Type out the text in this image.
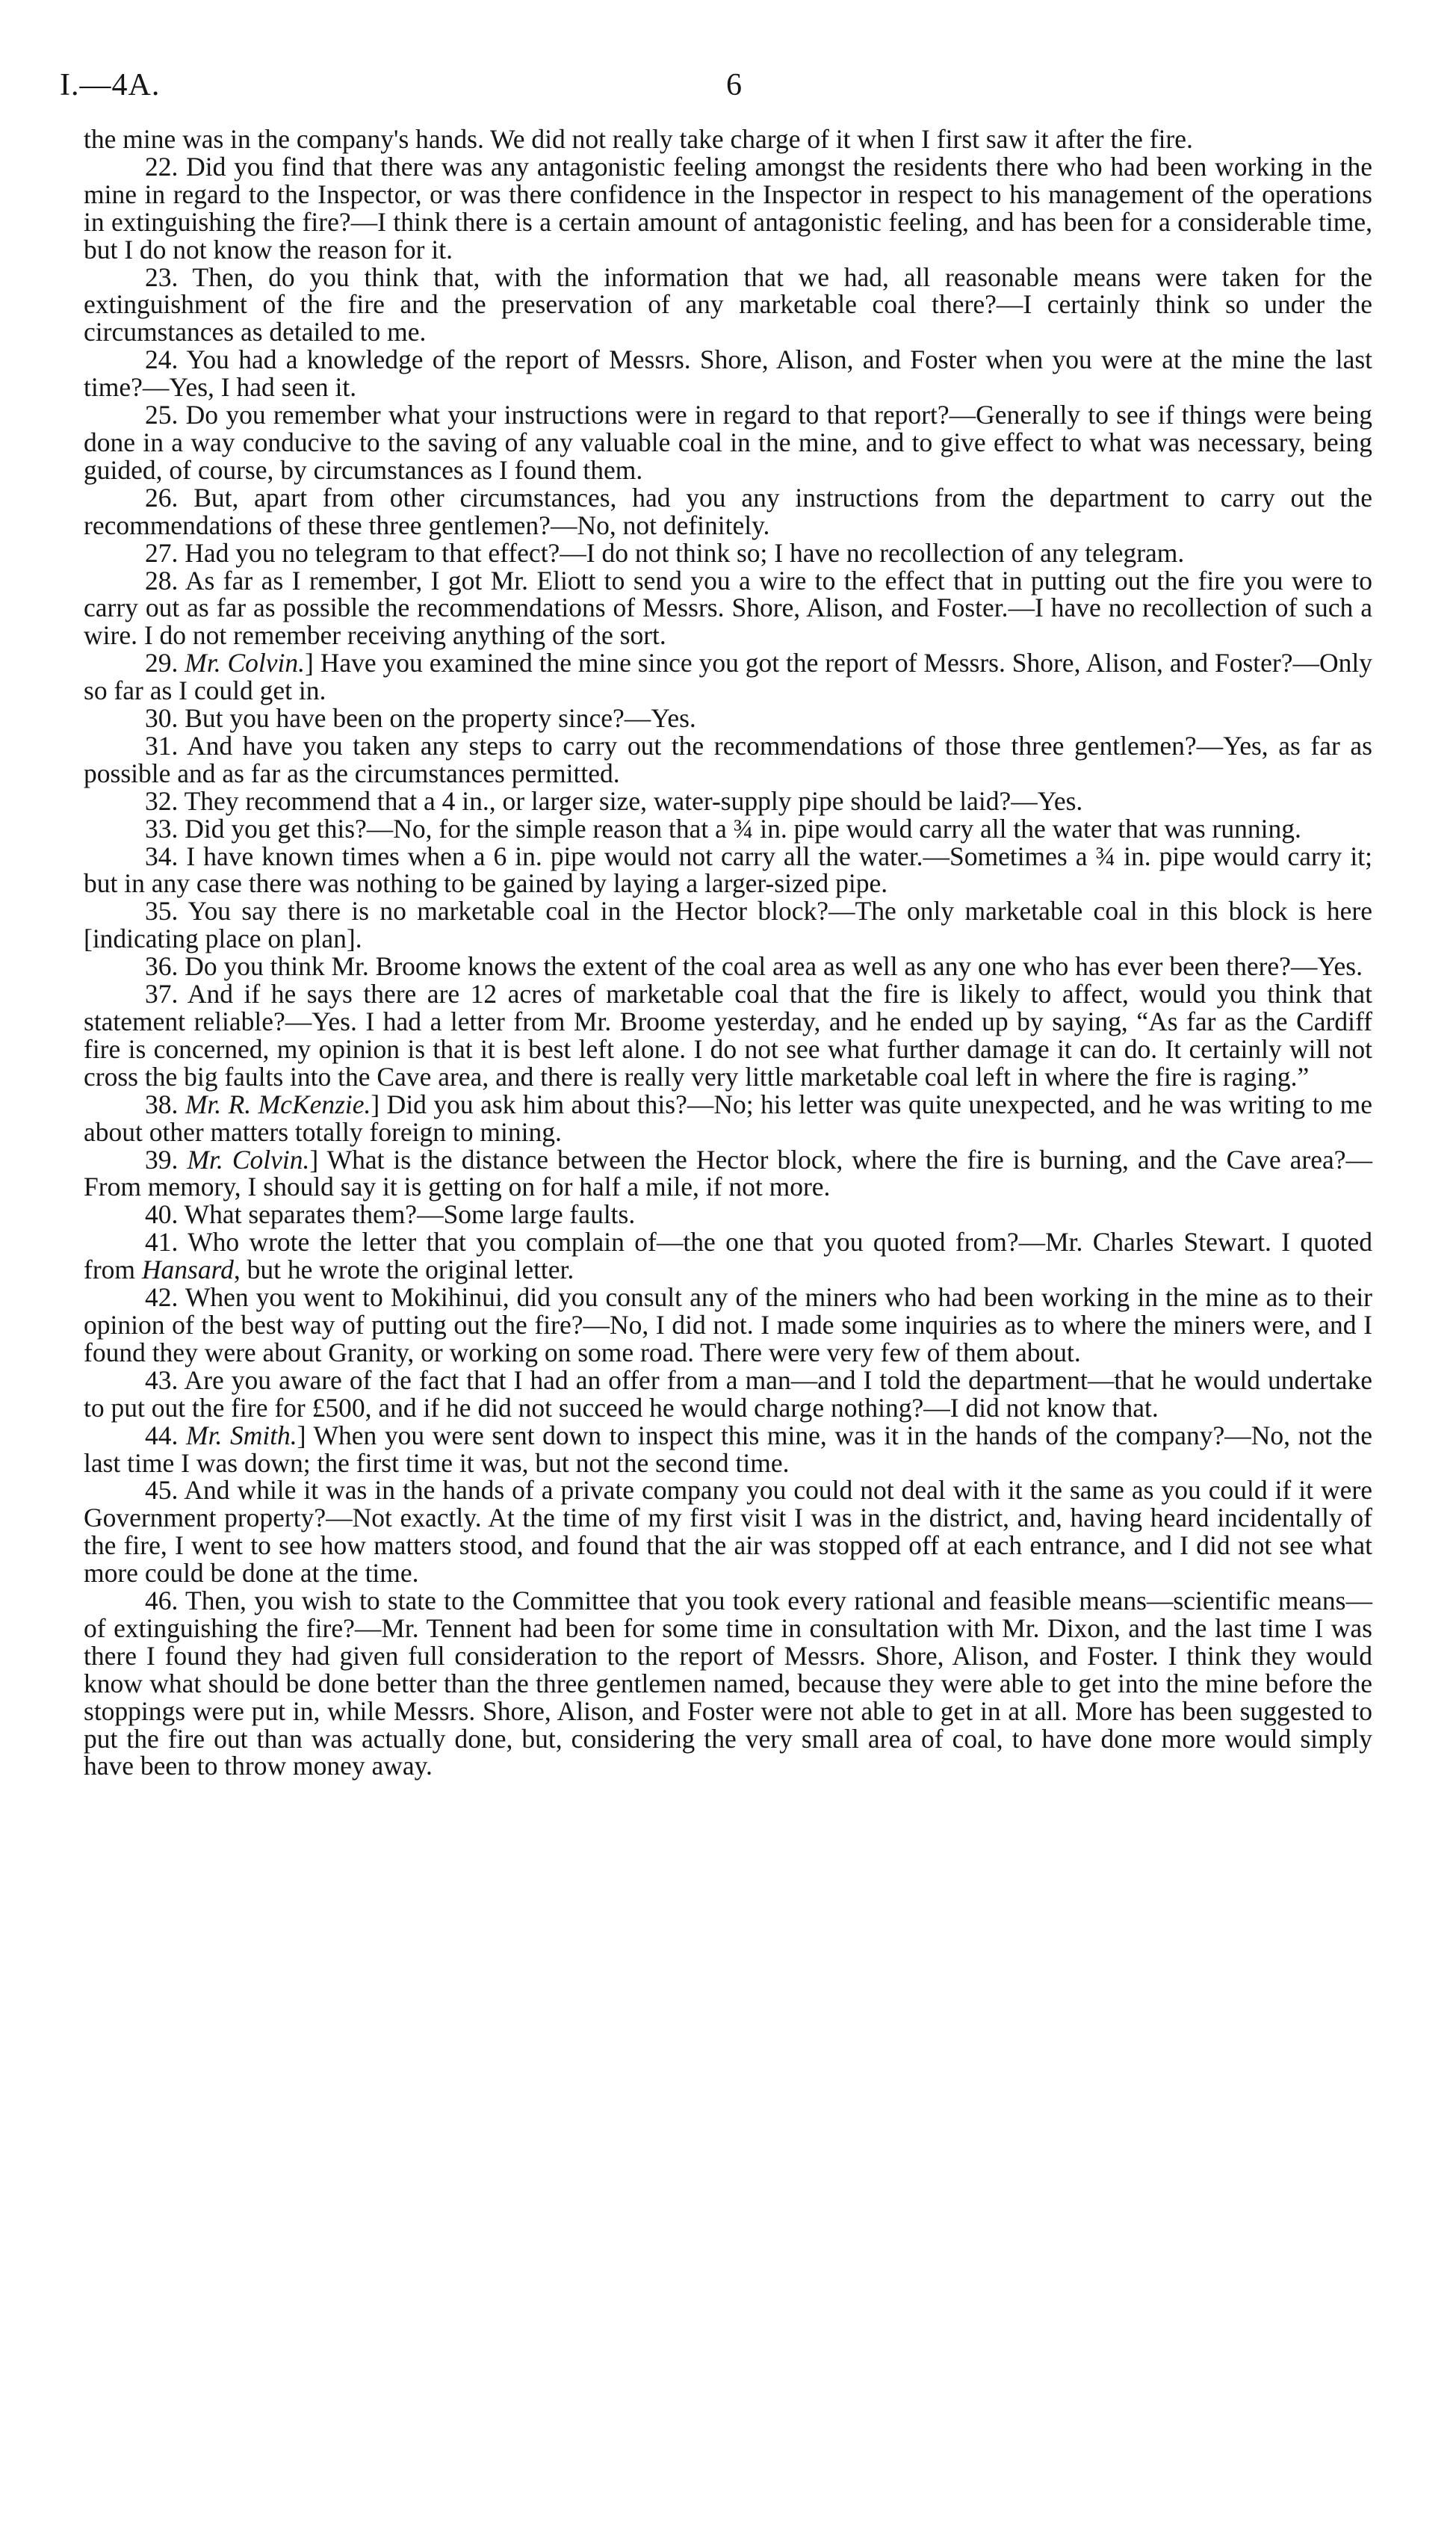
I.—4A.	6

the mine was in the company's hands. We did not really take charge of it when I first saw it after the fire.

22. Did you find that there was any antagonistic feeling amongst the residents there who had been working in the mine in regard to the Inspector, or was there confidence in the Inspector in respect to his management of the operations in extinguishing the fire?—I think there is a certain amount of antagonistic feeling, and has been for a considerable time, but I do not know the reason for it.

23. Then, do you think that, with the information that we had, all reasonable means were taken for the extinguishment of the fire and the preservation of any marketable coal there?—I certainly think so under the circumstances as detailed to me.

24. You had a knowledge of the report of Messrs. Shore, Alison, and Foster when you were at the mine the last time?—Yes, I had seen it.

25. Do you remember what your instructions were in regard to that report?—Generally to see if things were being done in a way conducive to the saving of any valuable coal in the mine, and to give effect to what was necessary, being guided, of course, by circumstances as I found them.

26. But, apart from other circumstances, had you any instructions from the department to carry out the recommendations of these three gentlemen?—No, not definitely.

27. Had you no telegram to that effect?—I do not think so; I have no recollection of any telegram.

28. As far as I remember, I got Mr. Eliott to send you a wire to the effect that in putting out the fire you were to carry out as far as possible the recommendations of Messrs. Shore, Alison, and Foster.—I have no recollection of such a wire. I do not remember receiving anything of the sort.

29. Mr. Colvin.] Have you examined the mine since you got the report of Messrs. Shore, Alison, and Foster?—Only so far as I could get in.

30. But you have been on the property since?—Yes.

31. And have you taken any steps to carry out the recommendations of those three gentlemen?—Yes, as far as possible and as far as the circumstances permitted.

32. They recommend that a 4 in., or larger size, water-supply pipe should be laid?—Yes.

33. Did you get this?—No, for the simple reason that a ¾ in. pipe would carry all the water that was running.

34. I have known times when a 6 in. pipe would not carry all the water.—Sometimes a ¾ in. pipe would carry it; but in any case there was nothing to be gained by laying a larger-sized pipe.

35. You say there is no marketable coal in the Hector block?—The only marketable coal in this block is here [indicating place on plan].

36. Do you think Mr. Broome knows the extent of the coal area as well as any one who has ever been there?—Yes.

37. And if he says there are 12 acres of marketable coal that the fire is likely to affect, would you think that statement reliable?—Yes. I had a letter from Mr. Broome yesterday, and he ended up by saying, “As far as the Cardiff fire is concerned, my opinion is that it is best left alone. I do not see what further damage it can do. It certainly will not cross the big faults into the Cave area, and there is really very little marketable coal left in where the fire is raging.”

38. Mr. R. McKenzie.] Did you ask him about this?—No; his letter was quite unexpected, and he was writing to me about other matters totally foreign to mining.

39. Mr. Colvin.] What is the distance between the Hector block, where the fire is burning, and the Cave area?—From memory, I should say it is getting on for half a mile, if not more.

40. What separates them?—Some large faults.

41. Who wrote the letter that you complain of—the one that you quoted from?—Mr. Charles Stewart. I quoted from Hansard, but he wrote the original letter.

42. When you went to Mokihinui, did you consult any of the miners who had been working in the mine as to their opinion of the best way of putting out the fire?—No, I did not. I made some inquiries as to where the miners were, and I found they were about Granity, or working on some road. There were very few of them about.

43. Are you aware of the fact that I had an offer from a man—and I told the department—that he would undertake to put out the fire for £500, and if he did not succeed he would charge nothing?—I did not know that.

44. Mr. Smith.] When you were sent down to inspect this mine, was it in the hands of the company?—No, not the last time I was down; the first time it was, but not the second time.

45. And while it was in the hands of a private company you could not deal with it the same as you could if it were Government property?—Not exactly. At the time of my first visit I was in the district, and, having heard incidentally of the fire, I went to see how matters stood, and found that the air was stopped off at each entrance, and I did not see what more could be done at the time.

46. Then, you wish to state to the Committee that you took every rational and feasible means—scientific means—of extinguishing the fire?—Mr. Tennent had been for some time in consultation with Mr. Dixon, and the last time I was there I found they had given full consideration to the report of Messrs. Shore, Alison, and Foster. I think they would know what should be done better than the three gentlemen named, because they were able to get into the mine before the stoppings were put in, while Messrs. Shore, Alison, and Foster were not able to get in at all. More has been suggested to put the fire out than was actually done, but, considering the very small area of coal, to have done more would simply have been to throw money away.
